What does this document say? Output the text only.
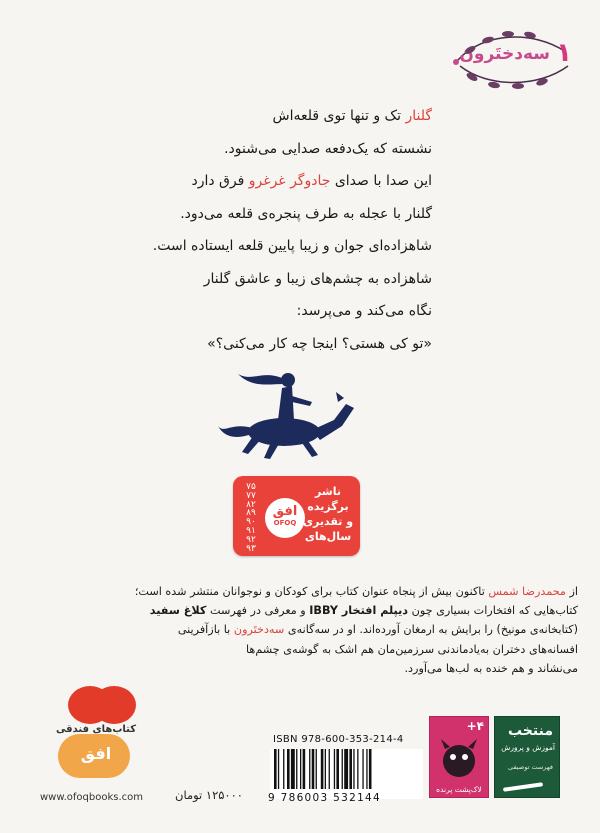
سه‌دختَرون ۱
گلنار تک و تنها توی قلعه‌اش
نشسته که یک‌دفعه صدایی می‌شنود.
این صدا با صدای جادوگر غرغرو فرق دارد
گلنار با عجله به طرف پنجره‌ی قلعه می‌دود.
شاهزاده‌ای جوان و زیبا پایین قلعه ایستاده است.
شاهزاده به چشم‌های زیبا و عاشق گلنار
نگاه می‌کند و می‌پرسد:
«تو کی هستی؟ اینجا چه کار می‌کنی؟»
۷۵
۷۷
۸۲
۸۹
۹۰
۹۱
۹۲
۹۳
افق
OFOQ
ناشر
برگزیده
و تقدیری
سال‌های

از محمدرضا شمس تاکنون بیش از پنجاه عنوان کتاب برای کودکان و نوجوانان منتشر شده است؛

کتاب‌هایی که افتخارات بسیاری چون دیپلم افتخار IBBY و معرفی در فهرست کلاغ سفید

(کتابخانه‌ی مونیخ) را برایش به ارمغان آورده‌اند. او در سه‌گانه‌ی سه‌دختَرون با بازآفرینی

افسانه‌های دختران به‌یادماندنی سرزمین‌مان هم اشک به گوشه‌ی چشم‌ها

می‌نشاند و هم خنده به لب‌ها می‌آورد.

کتاب‌های فندقی
افق
www.ofoqbooks.com	۱۲۵۰۰۰ تومان
ISBN 978-600-353-214-4
9 786003 532144
+۴
لاک‌پشت پرنده
منتخب
آموزش و پرورش
فهرست توصیفی
